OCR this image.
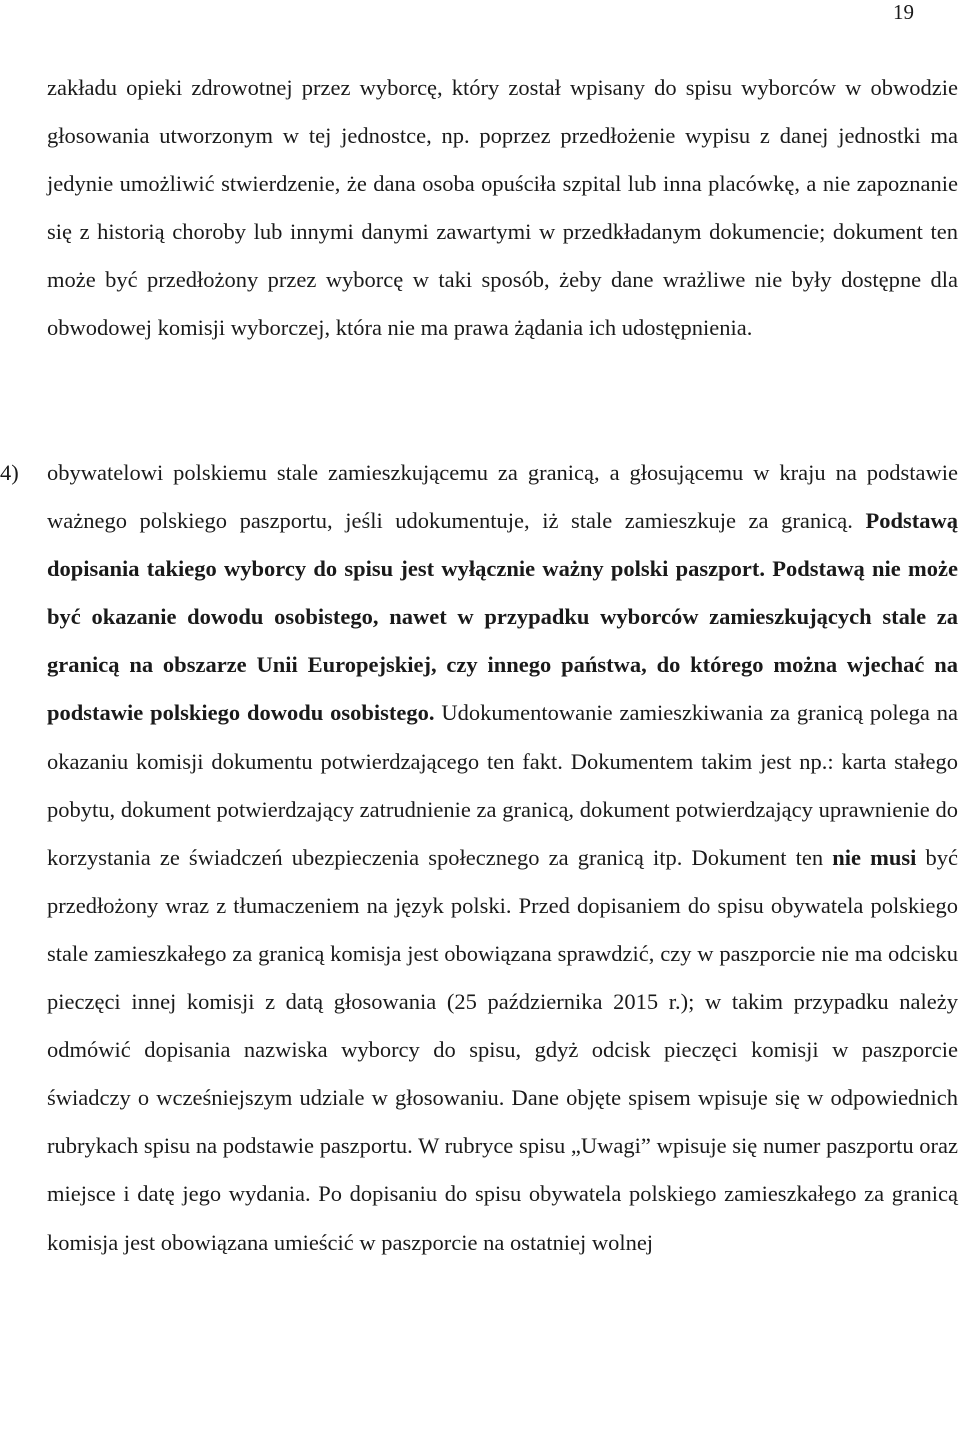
19
zakładu opieki zdrowotnej przez wyborcę, który został wpisany do spisu wyborców w obwodzie głosowania utworzonym w tej jednostce, np. poprzez przedłożenie wypisu z danej jednostki ma jedynie umożliwić stwierdzenie, że dana osoba opuściła szpital lub inna placówkę, a nie zapoznanie się z historią choroby lub innymi danymi zawartymi w przedkładanym dokumencie; dokument ten może być przedłożony przez wyborcę w taki sposób, żeby dane wrażliwe nie były dostępne dla obwodowej komisji wyborczej, która nie ma prawa żądania ich udostępnienia.
4) obywatelowi polskiemu stale zamieszkującemu za granicą, a głosującemu w kraju na podstawie ważnego polskiego paszportu, jeśli udokumentuje, iż stale zamieszkuje za granicą. Podstawą dopisania takiego wyborcy do spisu jest wyłącznie ważny polski paszport. Podstawą nie może być okazanie dowodu osobistego, nawet w przypadku wyborców zamieszkujących stale za granicą na obszarze Unii Europejskiej, czy innego państwa, do którego można wjechać na podstawie polskiego dowodu osobistego. Udokumentowanie zamieszkiwania za granicą polega na okazaniu komisji dokumentu potwierdzającego ten fakt. Dokumentem takim jest np.: karta stałego pobytu, dokument potwierdzający zatrudnienie za granicą, dokument potwierdzający uprawnienie do korzystania ze świadczeń ubezpieczenia społecznego za granicą itp. Dokument ten nie musi być przedłożony wraz z tłumaczeniem na język polski. Przed dopisaniem do spisu obywatela polskiego stale zamieszkałego za granicą komisja jest obowiązana sprawdzić, czy w paszporcie nie ma odcisku pieczęci innej komisji z datą głosowania (25 października 2015 r.); w takim przypadku należy odmówić dopisania nazwiska wyborcy do spisu, gdyż odcisk pieczęci komisji w paszporcie świadczy o wcześniejszym udziale w głosowaniu. Dane objęte spisem wpisuje się w odpowiednich rubrykach spisu na podstawie paszportu. W rubryce spisu „Uwagi” wpisuje się numer paszportu oraz miejsce i datę jego wydania. Po dopisaniu do spisu obywatela polskiego zamieszkałego za granicą komisja jest obowiązana umieścić w paszporcie na ostatniej wolnej
